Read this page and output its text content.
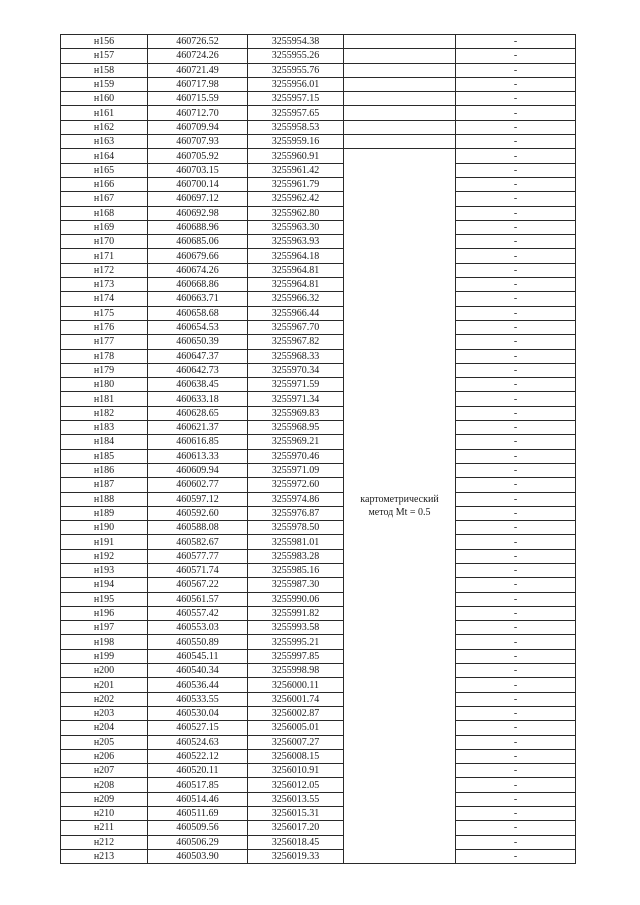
н156	460726.52	3255954.38		-
н157	460724.26	3255955.26		-
н158	460721.49	3255955.76		-
н159	460717.98	3255956.01		-
н160	460715.59	3255957.15		-
н161	460712.70	3255957.65		-
н162	460709.94	3255958.53		-
н163	460707.93	3255959.16		-
н164	460705.92	3255960.91	картометрический метод Mt = 0.5	-
н165	460703.15	3255961.42		-
н166	460700.14	3255961.79		-
н167	460697.12	3255962.42		-
н168	460692.98	3255962.80		-
н169	460688.96	3255963.30		-
н170	460685.06	3255963.93		-
н171	460679.66	3255964.18		-
н172	460674.26	3255964.81		-
н173	460668.86	3255964.81		-
н174	460663.71	3255966.32		-
н175	460658.68	3255966.44		-
н176	460654.53	3255967.70		-
н177	460650.39	3255967.82		-
н178	460647.37	3255968.33		-
н179	460642.73	3255970.34		-
н180	460638.45	3255971.59		-
н181	460633.18	3255971.34		-
н182	460628.65	3255969.83		-
н183	460621.37	3255968.95		-
н184	460616.85	3255969.21		-
н185	460613.33	3255970.46		-
н186	460609.94	3255971.09		-
н187	460602.77	3255972.60		-
н188	460597.12	3255974.86		-
н189	460592.60	3255976.87		-
н190	460588.08	3255978.50		-
н191	460582.67	3255981.01		-
н192	460577.77	3255983.28		-
н193	460571.74	3255985.16		-
н194	460567.22	3255987.30		-
н195	460561.57	3255990.06		-
н196	460557.42	3255991.82		-
н197	460553.03	3255993.58		-
н198	460550.89	3255995.21		-
н199	460545.11	3255997.85		-
н200	460540.34	3255998.98		-
н201	460536.44	3256000.11		-
н202	460533.55	3256001.74		-
н203	460530.04	3256002.87		-
н204	460527.15	3256005.01		-
н205	460524.63	3256007.27		-
н206	460522.12	3256008.15		-
н207	460520.11	3256010.91		-
н208	460517.85	3256012.05		-
н209	460514.46	3256013.55		-
н210	460511.69	3256015.31		-
н211	460509.56	3256017.20		-
н212	460506.29	3256018.45		-
н213	460503.90	3256019.33		-
